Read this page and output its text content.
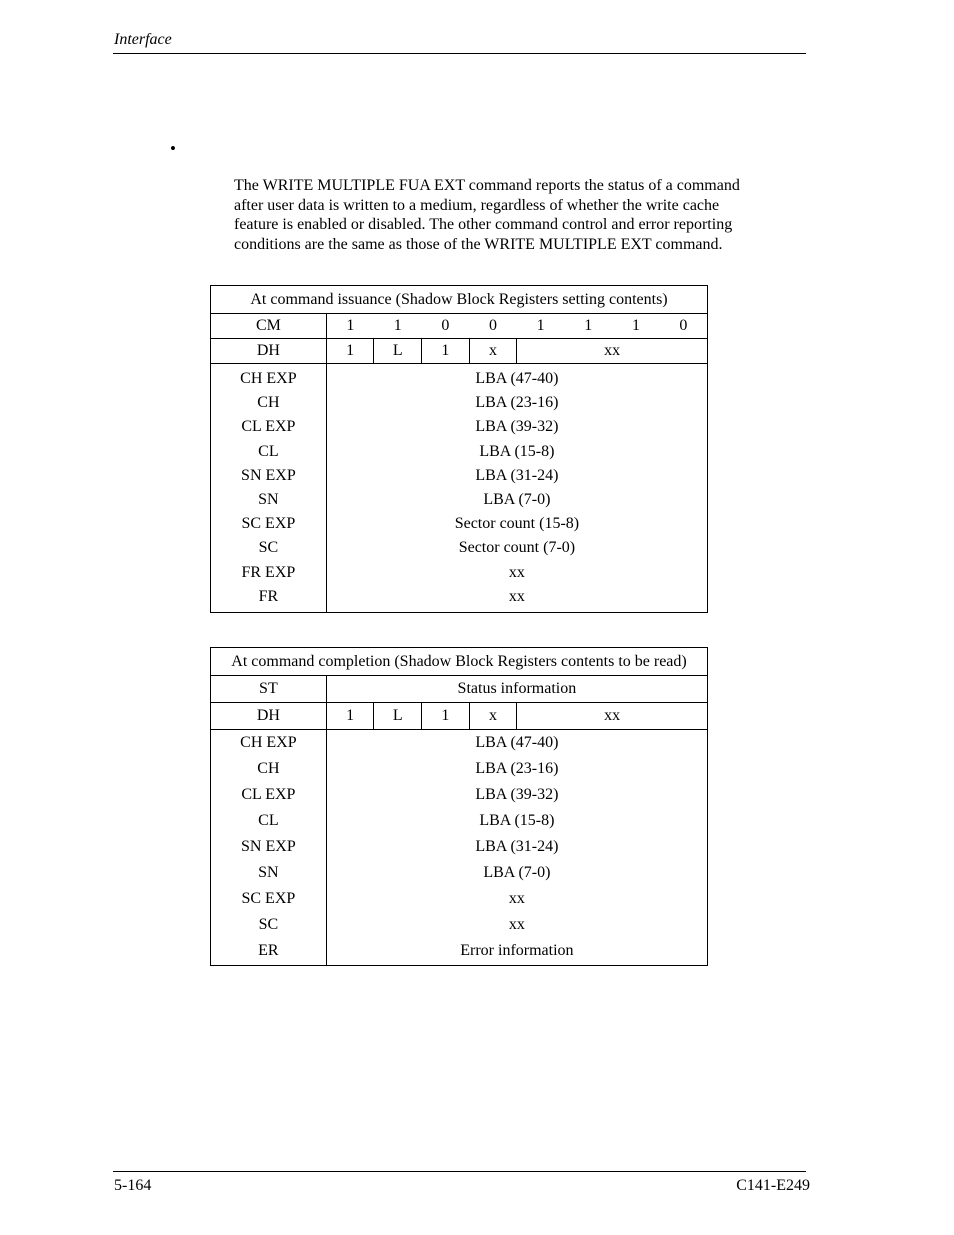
Interface
•
The WRITE MULTIPLE FUA EXT command reports the status of a command
after user data is written to a medium, regardless of whether the write cache
feature is enabled or disabled. The other command control and error reporting
conditions are the same as those of the WRITE MULTIPLE EXT command.
At command issuance (Shadow Block Registers setting contents)								
CM	1	1	0	0	1	1	1	0
DH	1	L	1	x	xx			
CH EXP	LBA (47-40)							
CH	LBA (23-16)							
CL EXP	LBA (39-32)							
CL	LBA (15-8)							
SN EXP	LBA (31-24)							
SN	LBA (7-0)							
SC EXP	Sector count (15-8)							
SC	Sector count (7-0)							
FR EXP	xx							
FR	xx							
At command completion (Shadow Block Registers contents to be read)					
ST	Status information				
DH	1	L	1	x	xx
CH EXP	LBA (47-40)				
CH	LBA (23-16)				
CL EXP	LBA (39-32)				
CL	LBA (15-8)				
SN EXP	LBA (31-24)				
SN	LBA (7-0)				
SC EXP	xx				
SC	xx				
ER	Error information				
5-164	C141-E249
